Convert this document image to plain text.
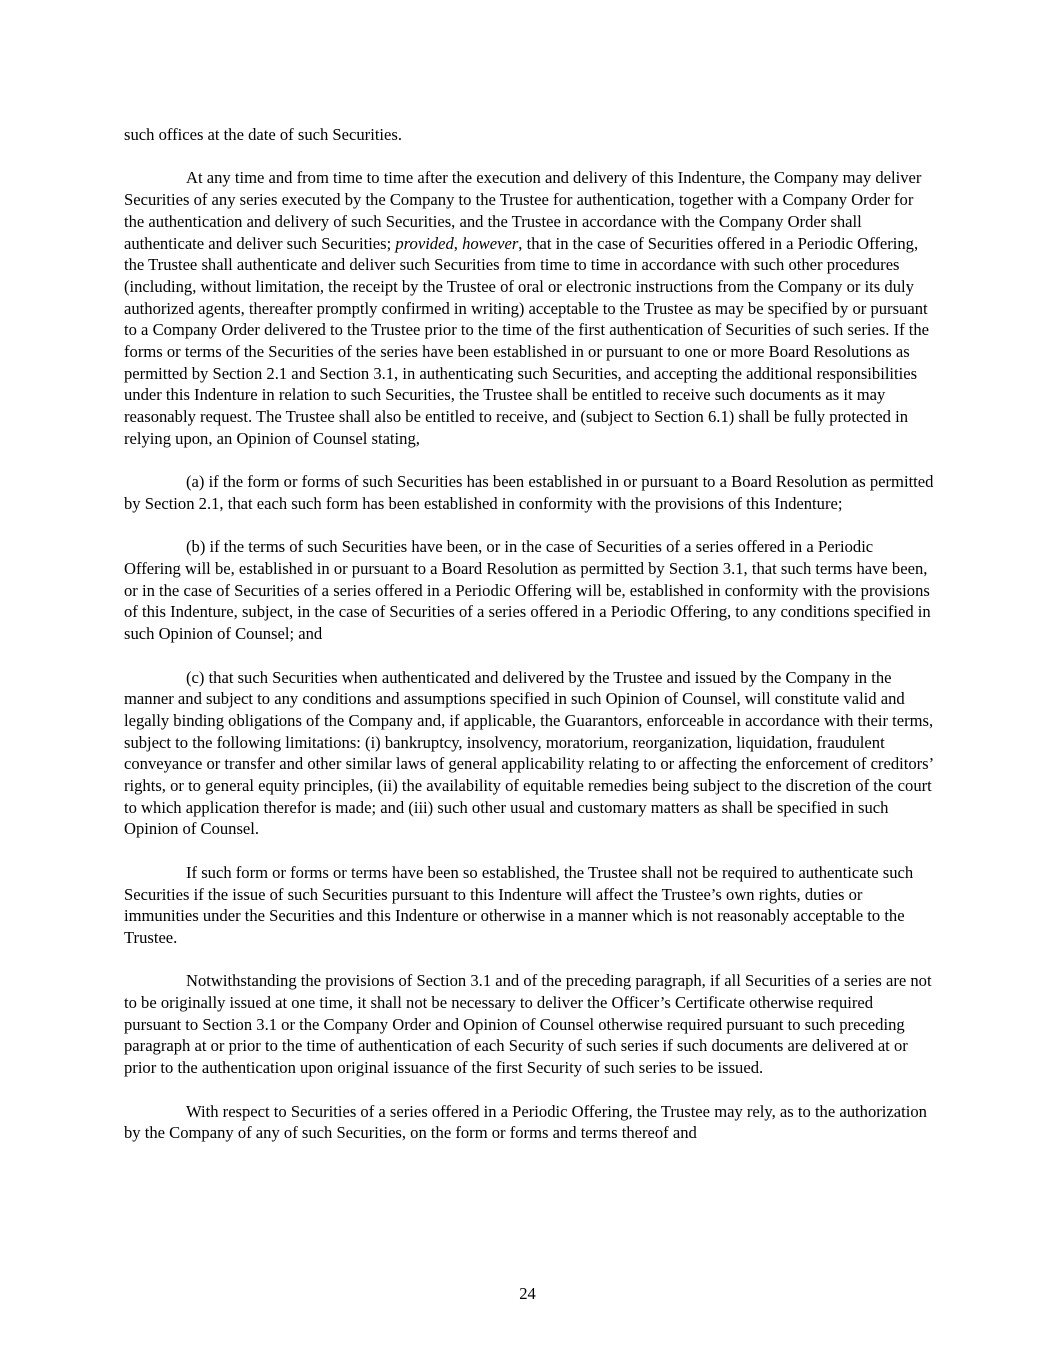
such offices at the date of such Securities.

At any time and from time to time after the execution and delivery of this Indenture, the Company may deliver Securities of any series executed by the Company to the Trustee for authentication, together with a Company Order for the authentication and delivery of such Securities, and the Trustee in accordance with the Company Order shall authenticate and deliver such Securities; provided, however, that in the case of Securities offered in a Periodic Offering, the Trustee shall authenticate and deliver such Securities from time to time in accordance with such other procedures (including, without limitation, the receipt by the Trustee of oral or electronic instructions from the Company or its duly authorized agents, thereafter promptly confirmed in writing) acceptable to the Trustee as may be specified by or pursuant to a Company Order delivered to the Trustee prior to the time of the first authentication of Securities of such series. If the forms or terms of the Securities of the series have been established in or pursuant to one or more Board Resolutions as permitted by Section 2.1 and Section 3.1, in authenticating such Securities, and accepting the additional responsibilities under this Indenture in relation to such Securities, the Trustee shall be entitled to receive such documents as it may reasonably request. The Trustee shall also be entitled to receive, and (subject to Section 6.1) shall be fully protected in relying upon, an Opinion of Counsel stating,

(a) if the form or forms of such Securities has been established in or pursuant to a Board Resolution as permitted by Section 2.1, that each such form has been established in conformity with the provisions of this Indenture;

(b) if the terms of such Securities have been, or in the case of Securities of a series offered in a Periodic Offering will be, established in or pursuant to a Board Resolution as permitted by Section 3.1, that such terms have been, or in the case of Securities of a series offered in a Periodic Offering will be, established in conformity with the provisions of this Indenture, subject, in the case of Securities of a series offered in a Periodic Offering, to any conditions specified in such Opinion of Counsel; and

(c) that such Securities when authenticated and delivered by the Trustee and issued by the Company in the manner and subject to any conditions and assumptions specified in such Opinion of Counsel, will constitute valid and legally binding obligations of the Company and, if applicable, the Guarantors, enforceable in accordance with their terms, subject to the following limitations: (i) bankruptcy, insolvency, moratorium, reorganization, liquidation, fraudulent conveyance or transfer and other similar laws of general applicability relating to or affecting the enforcement of creditors’ rights, or to general equity principles, (ii) the availability of equitable remedies being subject to the discretion of the court to which application therefor is made; and (iii) such other usual and customary matters as shall be specified in such Opinion of Counsel.

If such form or forms or terms have been so established, the Trustee shall not be required to authenticate such Securities if the issue of such Securities pursuant to this Indenture will affect the Trustee’s own rights, duties or immunities under the Securities and this Indenture or otherwise in a manner which is not reasonably acceptable to the Trustee.

Notwithstanding the provisions of Section 3.1 and of the preceding paragraph, if all Securities of a series are not to be originally issued at one time, it shall not be necessary to deliver the Officer’s Certificate otherwise required pursuant to Section 3.1 or the Company Order and Opinion of Counsel otherwise required pursuant to such preceding paragraph at or prior to the time of authentication of each Security of such series if such documents are delivered at or prior to the authentication upon original issuance of the first Security of such series to be issued.

With respect to Securities of a series offered in a Periodic Offering, the Trustee may rely, as to the authorization by the Company of any of such Securities, on the form or forms and terms thereof and

24
